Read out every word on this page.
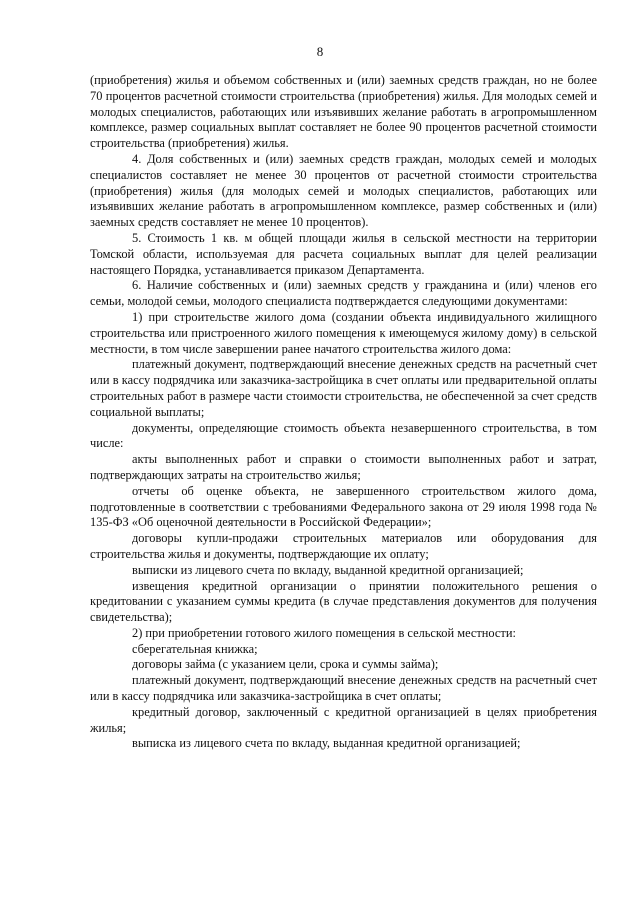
8

(приобретения) жилья и объемом собственных и (или) заемных средств граждан, но не более 70 процентов расчетной стоимости строительства (приобретения) жилья. Для молодых семей и молодых специалистов, работающих или изъявивших желание работать в агропромышленном комплексе, размер социальных выплат составляет не более 90 процентов расчетной стоимости строительства (приобретения) жилья.

4. Доля собственных и (или) заемных средств граждан, молодых семей и молодых специалистов составляет не менее 30 процентов от расчетной стоимости строительства (приобретения) жилья (для молодых семей и молодых специалистов, работающих или изъявивших желание работать в агропромышленном комплексе, размер собственных и (или) заемных средств составляет не менее 10 процентов).

5. Стоимость 1 кв. м общей площади жилья в сельской местности на территории Томской области, используемая для расчета социальных выплат для целей реализации настоящего Порядка, устанавливается приказом Департамента.

6. Наличие собственных и (или) заемных средств у гражданина и (или) членов его семьи, молодой семьи, молодого специалиста подтверждается следующими документами:

1) при строительстве жилого дома (создании объекта индивидуального жилищного строительства или пристроенного жилого помещения к имеющемуся жилому дому) в сельской местности, в том числе завершении ранее начатого строительства жилого дома:

платежный документ, подтверждающий внесение денежных средств на расчетный счет или в кассу подрядчика или заказчика-застройщика в счет оплаты или предварительной оплаты строительных работ в размере части стоимости строительства, не обеспеченной за счет средств социальной выплаты;

документы, определяющие стоимость объекта незавершенного строительства, в том числе:

акты выполненных работ и справки о стоимости выполненных работ и затрат, подтверждающих затраты на строительство жилья;

отчеты об оценке объекта, не завершенного строительством жилого дома, подготовленные в соответствии с требованиями Федерального закона от 29 июля 1998 года № 135-ФЗ «Об оценочной деятельности в Российской Федерации»;

договоры купли-продажи строительных материалов или оборудования для строительства жилья и документы, подтверждающие их оплату;

выписки из лицевого счета по вкладу, выданной кредитной организацией;

извещения кредитной организации о принятии положительного решения о кредитовании с указанием суммы кредита (в случае представления документов для получения свидетельства);

2) при приобретении готового жилого помещения в сельской местности:

сберегательная книжка;

договоры займа (с указанием цели, срока и суммы займа);

платежный документ, подтверждающий внесение денежных средств на расчетный счет или в кассу подрядчика или заказчика-застройщика в счет оплаты;

кредитный договор, заключенный с кредитной организацией в целях приобретения жилья;

выписка из лицевого счета по вкладу, выданная кредитной организацией;
